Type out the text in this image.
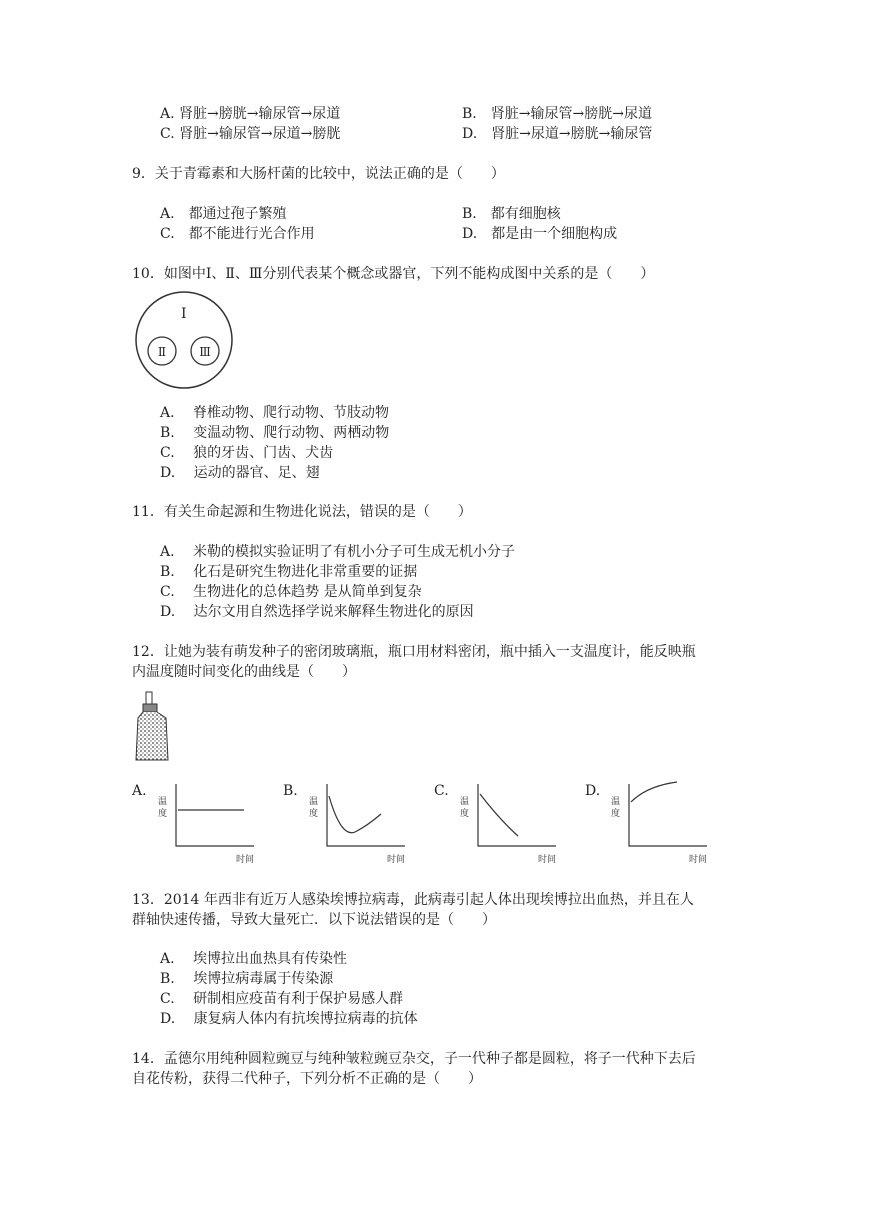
A. 肾脏→膀胱→输尿管→尿道	B.　 肾脏→输尿管→膀胱→尿道
C. 肾脏→输尿管→尿道→膀胱	D.　 肾脏→尿道→膀胱→输尿管
9．关于青霉素和大肠杆菌的比较中，说法正确的是（　　）
A.　 都通过孢子繁殖	B.　 都有细胞核
C.　 都不能进行光合作用	D.　 都是由一个细胞构成
10．如图中Ⅰ、Ⅱ、Ⅲ分别代表某个概念或器官，下列不能构成图中关系的是（　　）
Ⅰ
Ⅱ	Ⅲ
A.　 脊椎动物、爬行动物、节肢动物
B.　 变温动物、爬行动物、两栖动物
C.　 狼的牙齿、门齿、犬齿
D.　 运动的器官、足、翅
11．有关生命起源和生物进化说法，错误的是（　　）
A.　 米勒的模拟实验证明了有机小分子可生成无机小分子
B.　 化石是研究生物进化非常重要的证据
C.　 生物进化的总体趋势 是从简单到复杂
D.　 达尔文用自然选择学说来解释生物进化的原因
12．让她为装有萌发种子的密闭玻璃瓶，瓶口用材料密闭，瓶中插入一支温度计，能反映瓶
内温度随时间变化的曲线是（　　）
A.
温
度
时间
B.
温
度
时间
C.
温
度
时间
D.
温
度
时间
13．2014 年西非有近万人感染埃博拉病毒，此病毒引起人体出现埃博拉出血热，并且在人
群轴快速传播，导致大量死亡．以下说法错误的是（　　）
A.　 埃博拉出血热具有传染性
B.　 埃博拉病毒属于传染源
C.　 研制相应疫苗有利于保护易感人群
D.　 康复病人体内有抗埃博拉病毒的抗体
14．孟德尔用纯种圆粒豌豆与纯种皱粒豌豆杂交，子一代种子都是圆粒，将子一代种下去后
自花传粉，获得二代种子，下列分析不正确的是（　　）
